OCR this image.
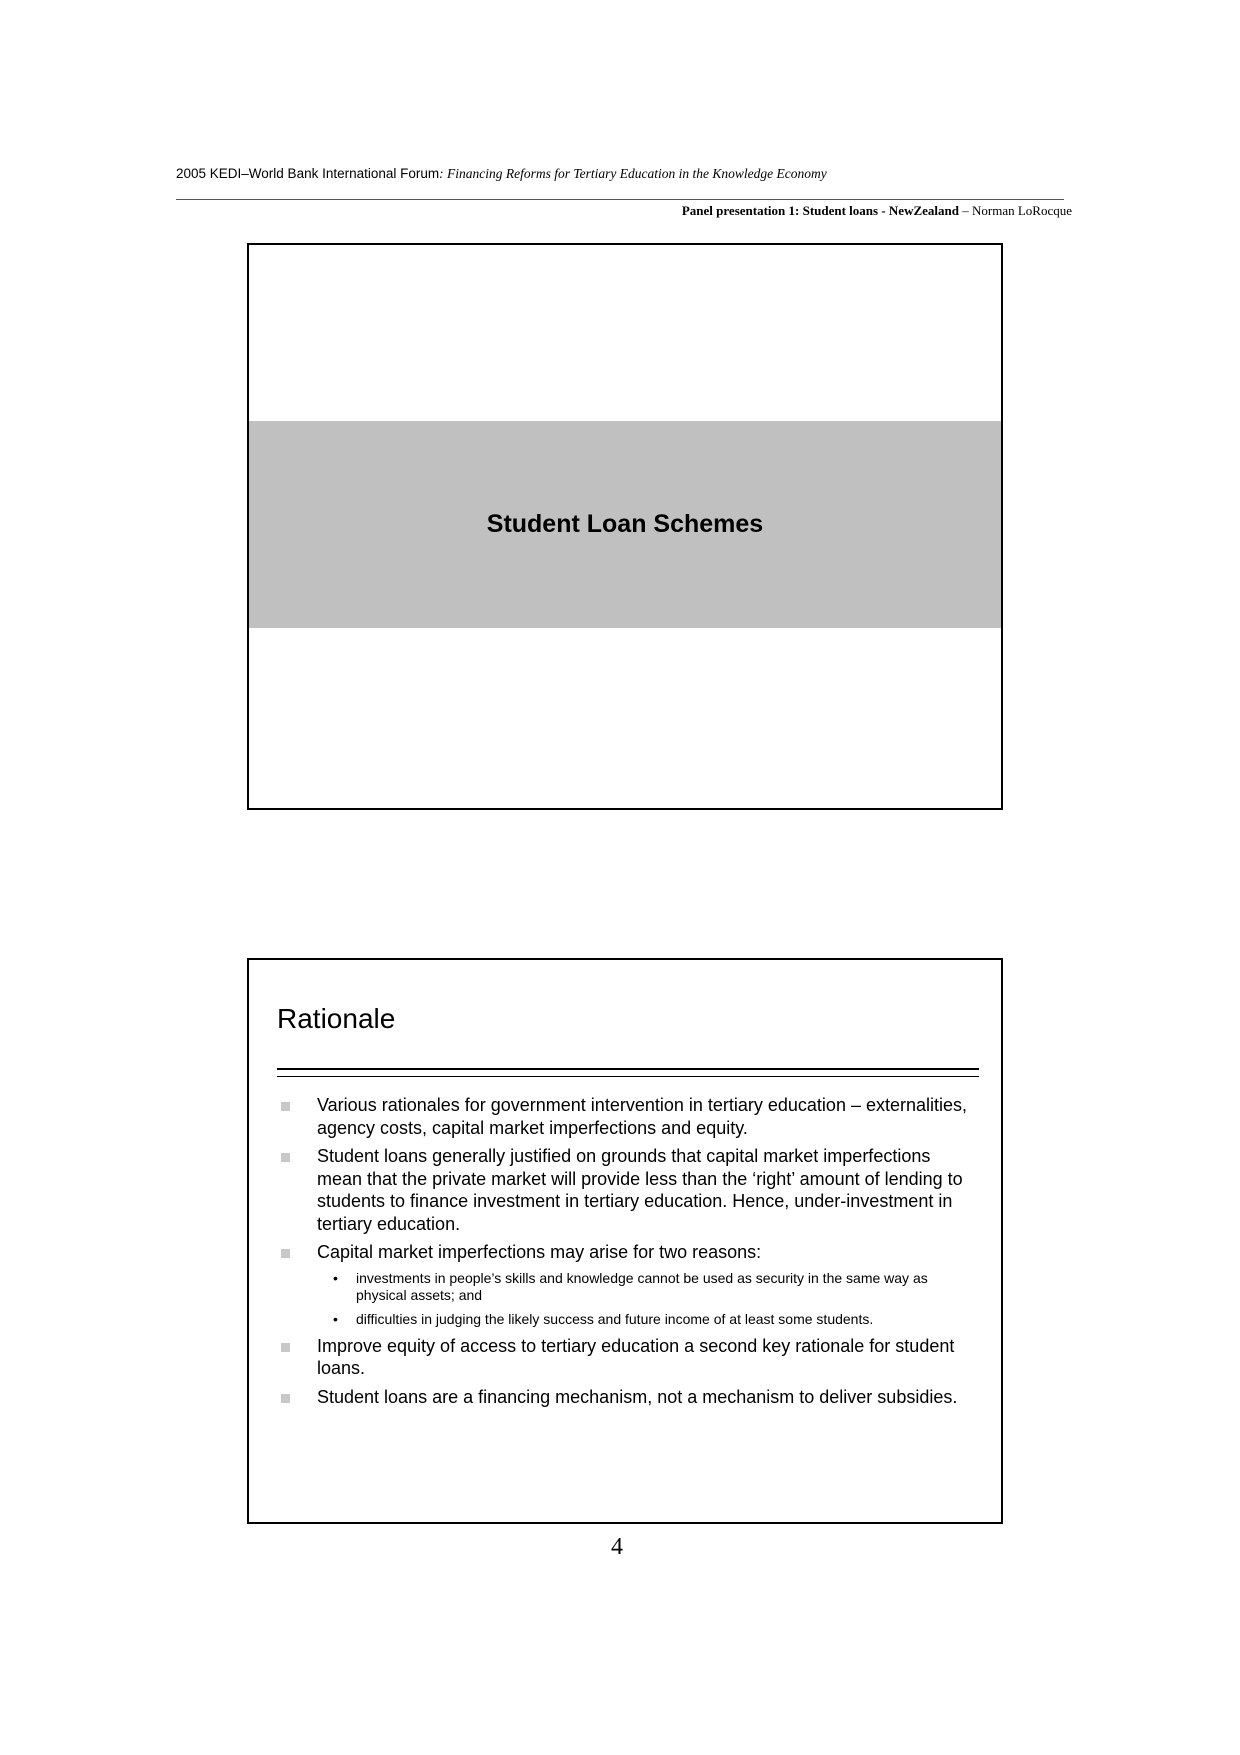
2005 KEDI–World Bank International Forum: Financing Reforms for Tertiary Education in the Knowledge Economy
Panel presentation 1: Student loans - NewZealand – Norman LoRocque
Student Loan Schemes
Rationale
Various rationales for government intervention in tertiary education – externalities, agency costs, capital market imperfections and equity.
Student loans generally justified on grounds that capital market imperfections mean that the private market will provide less than the ‘right’ amount of lending to students to finance investment in tertiary education. Hence, under-investment in tertiary education.
Capital market imperfections may arise for two reasons:
• investments in people’s skills and knowledge cannot be used as security in the same way as physical assets; and
• difficulties in judging the likely success and future income of at least some students.
Improve equity of access to tertiary education a second key rationale for student loans.
Student loans are a financing mechanism, not a mechanism to deliver subsidies.
4
